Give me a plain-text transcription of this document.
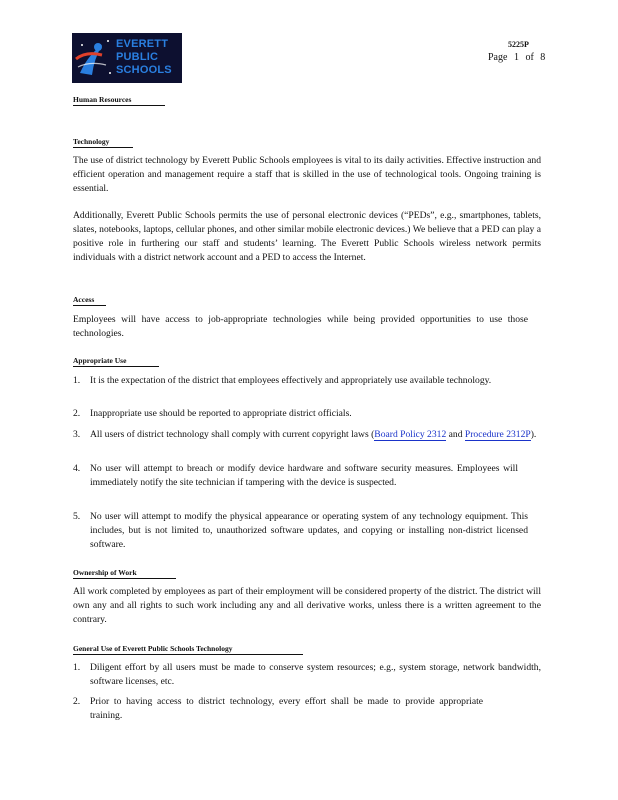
EVERETT
PUBLIC
SCHOOLS
5225P
Page 1 of 8
Human Resources
Technology

The use of district technology by Everett Public Schools employees is vital to its daily activities. Effective instruction and efficient operation and management require a staff that is skilled in the use of technological tools. Ongoing training is essential.

Additionally, Everett Public Schools permits the use of personal electronic devices (“PEDs”, e.g., smartphones, tablets, slates, notebooks, laptops, cellular phones, and other similar mobile electronic devices.) We believe that a PED can play a positive role in furthering our staff and students’ learning. The Everett Public Schools wireless network permits individuals with a district network account and a PED to access the Internet.

Access

Employees will have access to job-appropriate technologies while being provided opportunities to use those technologies.

Appropriate Use
1.	It is the expectation of the district that employees effectively and appropriately use available technology.
2.	Inappropriate use should be reported to appropriate district officials.
3.	All users of district technology shall comply with current copyright laws (Board Policy 2312 and Procedure 2312P).
4.	No user will attempt to breach or modify device hardware and software security measures. Employees will immediately notify the site technician if tampering with the device is suspected.
5.	No user will attempt to modify the physical appearance or operating system of any technology equipment. This includes, but is not limited to, unauthorized software updates, and copying or installing non-district licensed software.
Ownership of Work

All work completed by employees as part of their employment will be considered property of the district. The district will own any and all rights to such work including any and all derivative works, unless there is a written agreement to the contrary.

General Use of Everett Public Schools Technology
1.	Diligent effort by all users must be made to conserve system resources; e.g., system storage, network bandwidth, software licenses, etc.
2.	Prior to having access to district technology, every effort shall be made to provide appropriate training.
